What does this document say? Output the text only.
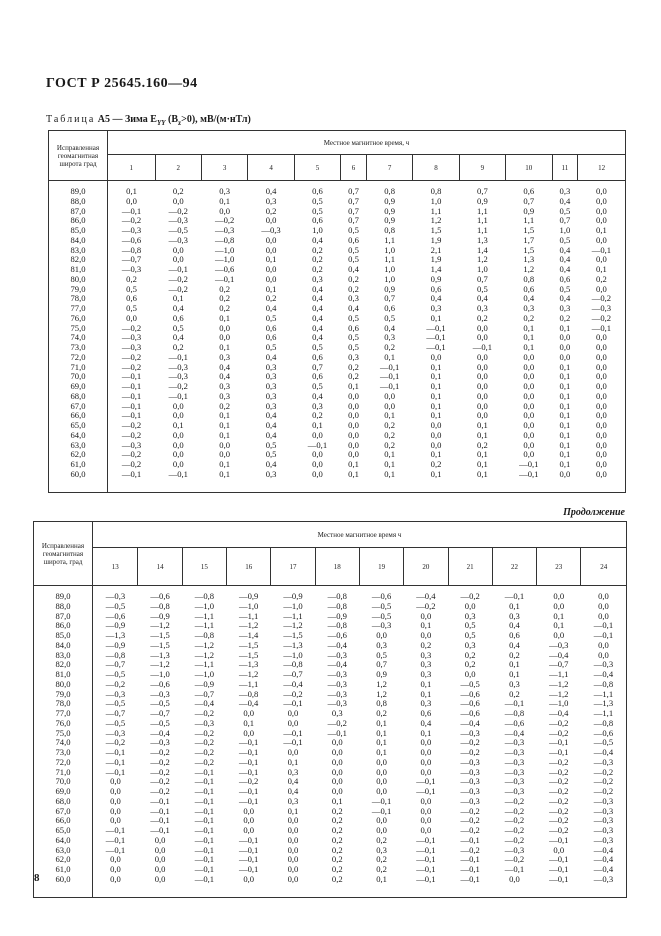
ГОСТ Р 25645.160—94
Таблица А5 — Зима $E_{YY}$ $(B_z>0)$, мВ/(м·нТл)
Исправленная геомагнитная широта град	Местное магнитное время, ч											
	1	2	3	4	5	6	7	8	9	10	11	12

89,0	0,1	0,2	0,3	0,4	0,6	0,7	0,8	0,8	0,7	0,6	0,3	0,0
88,0	0,0	0,0	0,1	0,3	0,5	0,7	0,9	1,0	0,9	0,7	0,4	0,0
87,0	—0,1	—0,2	0,0	0,2	0,5	0,7	0,9	1,1	1,1	0,9	0,5	0,0
86,0	—0,2	—0,3	—0,2	0,0	0,6	0,7	0,9	1,2	1,1	1,1	0,7	0,0
85,0	—0,3	—0,5	—0,3	—0,3	1,0	0,5	0,8	1,5	1,1	1,5	1,0	0,1
84,0	—0,6	—0,3	—0,8	0,0	0,4	0,6	1,1	1,9	1,3	1,7	0,5	0,0
83,0	—0,8	0,0	—1,0	0,0	0,2	0,5	1,0	2,1	1,4	1,5	0,4	—0,1
82,0	—0,7	0,0	—1,0	0,1	0,2	0,5	1,1	1,9	1,2	1,3	0,4	0,0
81,0	—0,3	—0,1	—0,6	0,0	0,2	0,4	1,0	1,4	1,0	1,2	0,4	0,1
80,0	0,2	—0,2	—0,1	0,0	0,3	0,2	1,0	0,9	0,7	0,8	0,6	0,2
79,0	0,5	—0,2	0,2	0,1	0,4	0,2	0,9	0,6	0,5	0,6	0,5	0,0
78,0	0,6	0,1	0,2	0,2	0,4	0,3	0,7	0,4	0,4	0,4	0,4	—0,2
77,0	0,5	0,4	0,2	0,4	0,4	0,4	0,6	0,3	0,3	0,3	0,3	—0,3
76,0	0,0	0,6	0,1	0,5	0,4	0,5	0,5	0,1	0,2	0,2	0,2	—0,2
75,0	—0,2	0,5	0,0	0,6	0,4	0,6	0,4	—0,1	0,0	0,1	0,1	—0,1
74,0	—0,3	0,4	0,0	0,6	0,4	0,5	0,3	—0,1	0,0	0,1	0,0	0,0
73,0	—0,3	0,2	0,1	0,5	0,5	0,5	0,2	—0,1	—0,1	0,1	0,0	0,0
72,0	—0,2	—0,1	0,3	0,4	0,6	0,3	0,1	0,0	0,0	0,0	0,0	0,0
71,0	—0,2	—0,3	0,4	0,3	0,7	0,2	—0,1	0,1	0,0	0,0	0,1	0,0
70,0	—0,1	—0,3	0,4	0,3	0,6	0,2	—0,1	0,1	0,0	0,0	0,1	0,0
69,0	—0,1	—0,2	0,3	0,3	0,5	0,1	—0,1	0,1	0,0	0,0	0,1	0,0
68,0	—0,1	—0,1	0,3	0,3	0,4	0,0	0,0	0,1	0,0	0,0	0,1	0,0
67,0	—0,1	0,0	0,2	0,3	0,3	0,0	0,0	0,1	0,0	0,0	0,1	0,0
66,0	—0,1	0,0	0,1	0,4	0,2	0,0	0,1	0,1	0,0	0,0	0,1	0,0
65,0	—0,2	0,1	0,1	0,4	0,1	0,0	0,2	0,0	0,1	0,0	0,1	0,0
64,0	—0,2	0,0	0,1	0,4	0,0	0,0	0,2	0,0	0,1	0,0	0,1	0,0
63,0	—0,3	0,0	0,0	0,5	—0,1	0,0	0,2	0,0	0,2	0,0	0,1	0,0
62,0	—0,2	0,0	0,0	0,5	0,0	0,0	0,1	0,1	0,1	0,0	0,1	0,0
61,0	—0,2	0,0	0,1	0,4	0,0	0,1	0,1	0,2	0,1	—0,1	0,1	0,0
60,0	—0,1	—0,1	0,1	0,3	0,0	0,1	0,1	0,1	0,1	—0,1	0,0	0,0

Продолжение
Исправленная геомагнитная широта, град	Местное магнитное время ч											
	13	14	15	16	17	18	19	20	21	22	23	24

89,0	—0,3	—0,6	—0,8	—0,9	—0,9	—0,8	—0,6	—0,4	—0,2	—0,1	0,0	0,0
88,0	—0,5	—0,8	—1,0	—1,0	—1,0	—0,8	—0,5	—0,2	0,0	0,1	0,0	0,0
87,0	—0,6	—0,9	—1,1	—1,1	—1,1	—0,9	—0,5	0,0	0,3	0,3	0,1	0,0
86,0	—0,9	—1,2	—1,1	—1,2	—1,2	—0,8	—0,3	0,1	0,5	0,4	0,1	—0,1
85,0	—1,3	—1,5	—0,8	—1,4	—1,5	—0,6	0,0	0,0	0,5	0,6	0,0	—0,1
84,0	—0,9	—1,5	—1,2	—1,5	—1,3	—0,4	0,3	0,2	0,3	0,4	—0,3	0,0
83,0	—0,8	—1,3	—1,2	—1,5	—1,0	—0,3	0,5	0,3	0,2	0,2	—0,4	0,0
82,0	—0,7	—1,2	—1,1	—1,3	—0,8	—0,4	0,7	0,3	0,2	0,1	—0,7	—0,3
81,0	—0,5	—1,0	—1,0	—1,2	—0,7	—0,3	0,9	0,3	0,0	0,1	—1,1	—0,4
80,0	—0,2	—0,6	—0,9	—1,1	—0,4	—0,3	1,2	0,1	—0,5	0,3	—1,2	—0,8
79,0	—0,3	—0,3	—0,7	—0,8	—0,2	—0,3	1,2	0,1	—0,6	0,2	—1,2	—1,1
78,0	—0,5	—0,5	—0,4	—0,4	—0,1	—0,3	0,8	0,3	—0,6	—0,1	—1,0	—1,3
77,0	—0,7	—0,7	—0,2	0,0	0,0	0,3	0,2	0,6	—0,6	—0,8	—0,4	—1,1
76,0	—0,5	—0,5	—0,3	0,1	0,0	—0,2	0,1	0,4	—0,4	—0,6	—0,2	—0,8
75,0	—0,3	—0,4	—0,2	0,0	—0,1	—0,1	0,1	0,1	—0,3	—0,4	—0,2	—0,6
74,0	—0,2	—0,3	—0,2	—0,1	—0,1	0,0	0,1	0,0	—0,2	—0,3	—0,1	—0,5
73,0	—0,1	—0,2	—0,2	—0,1	0,0	0,0	0,1	0,0	—0,2	—0,3	—0,1	—0,4
72,0	—0,1	—0,2	—0,2	—0,1	0,1	0,0	0,0	0,0	—0,3	—0,3	—0,2	—0,3
71,0	—0,1	—0,2	—0,1	—0,1	0,3	0,0	0,0	0,0	—0,3	—0,3	—0,2	—0,2
70,0	0,0	—0,2	—0,1	—0,2	0,4	0,0	0,0	—0,1	—0,3	—0,3	—0,2	—0,2
69,0	0,0	—0,2	—0,1	—0,1	0,4	0,0	0,0	—0,1	—0,3	—0,3	—0,2	—0,2
68,0	0,0	—0,1	—0,1	—0,1	0,3	0,1	—0,1	0,0	—0,3	—0,2	—0,2	—0,3
67,0	0,0	—0,1	—0,1	0,0	0,1	0,2	—0,1	0,0	—0,2	—0,2	—0,2	—0,3
66,0	0,0	—0,1	—0,1	0,0	0,0	0,2	0,0	0,0	—0,2	—0,2	—0,2	—0,3
65,0	—0,1	—0,1	—0,1	0,0	0,0	0,2	0,0	0,0	—0,2	—0,2	—0,2	—0,3
64,0	—0,1	0,0	—0,1	—0,1	0,0	0,2	0,2	—0,1	—0,1	—0,2	—0,1	—0,3
63,0	—0,1	0,0	—0,1	—0,1	0,0	0,2	0,3	—0,1	—0,2	—0,3	0,0	—0,4
62,0	0,0	0,0	—0,1	—0,1	0,0	0,2	0,2	—0,1	—0,1	—0,2	—0,1	—0,4
61,0	0,0	0,0	—0,1	—0,1	0,0	0,2	0,2	—0,1	—0,1	—0,1	—0,1	—0,4
60,0	0,0	0,0	—0,1	0,0	0,0	0,2	0,1	—0,1	—0,1	0,0	—0,1	—0,3

8
